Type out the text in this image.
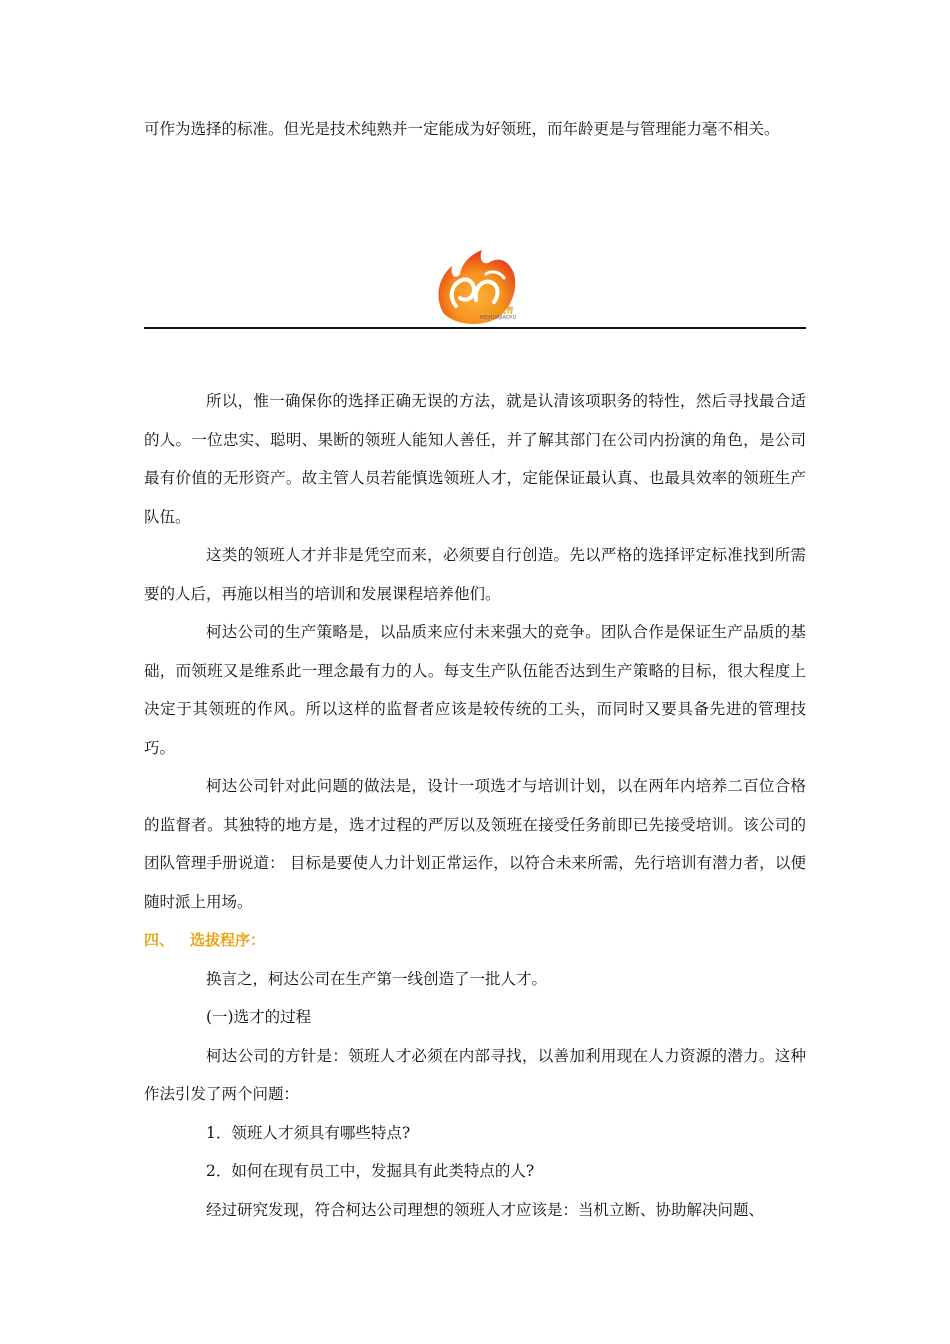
可作为选择的标准。但光是技术纯熟并一定能成为好领班，而年龄更是与管理能力毫不相关。

美华教育
MEIHUAJIAOYU

所以，惟一确保你的选择正确无误的方法，就是认清该项职务的特性，然后寻找最合适的人。一位忠实、聪明、果断的领班人能知人善任，并了解其部门在公司内扮演的角色，是公司最有价值的无形资产。故主管人员若能慎选领班人才，定能保证最认真、也最具效率的领班生产队伍。

这类的领班人才并非是凭空而来，必须要自行创造。先以严格的选择评定标准找到所需要的人后，再施以相当的培训和发展课程培养他们。

柯达公司的生产策略是，以品质来应付未来强大的竞争。团队合作是保证生产品质的基础，而领班又是维系此一理念最有力的人。每支生产队伍能否达到生产策略的目标，很大程度上决定于其领班的作风。所以这样的监督者应该是较传统的工头，而同时又要具备先进的管理技巧。

柯达公司针对此问题的做法是，设计一项选才与培训计划，以在两年内培养二百位合格的监督者。其独特的地方是，选才过程的严厉以及领班在接受任务前即已先接受培训。该公司的团队管理手册说道： 目标是要使人力计划正常运作，以符合未来所需，先行培训有潜力者，以便随时派上用场。

四、 选拔程序：

换言之，柯达公司在生产第一线创造了一批人才。

(一)选才的过程

柯达公司的方针是：领班人才必须在内部寻找，以善加利用现在人力资源的潜力。这种作法引发了两个问题：

1．领班人才须具有哪些特点?

2．如何在现有员工中，发掘具有此类特点的人?

经过研究发现，符合柯达公司理想的领班人才应该是：当机立断、协助解决问题、
